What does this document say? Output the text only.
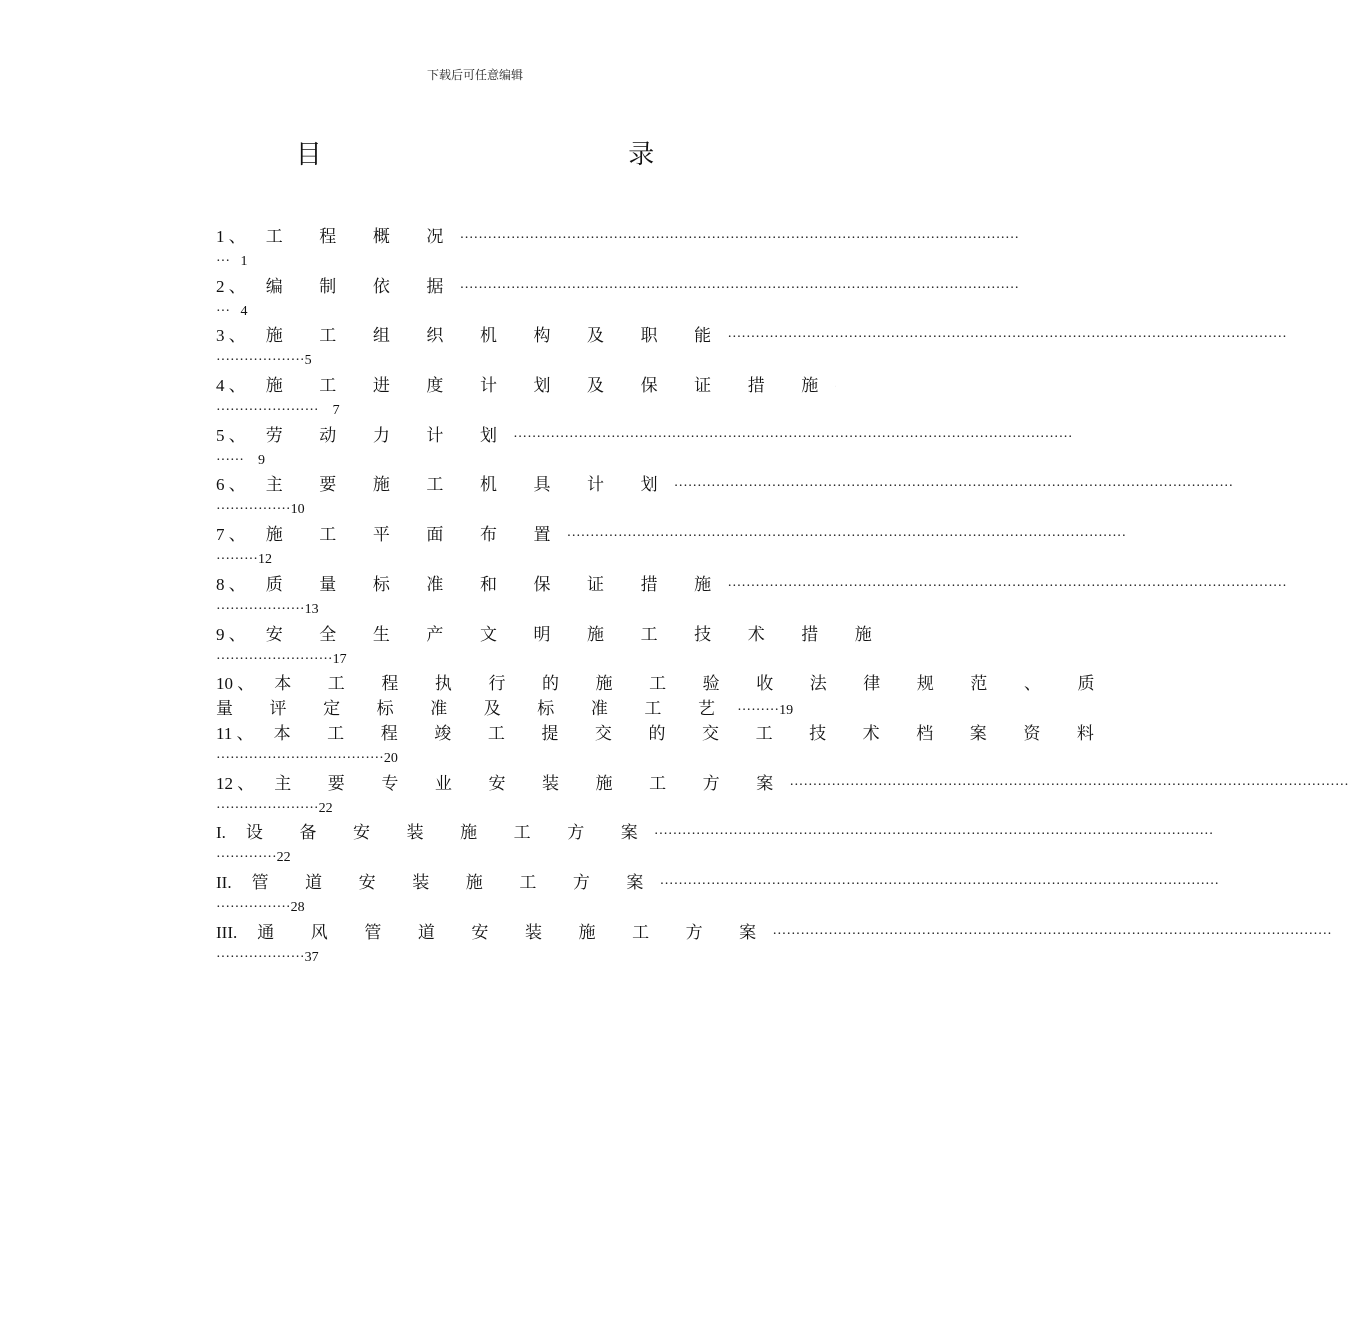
下载后可任意编辑
目 录
1 、 工 程 概 况 ························································································································
··· 1
2 、 编 制 依 据 ························································································································
··· 4
3 、 施 工 组 织 机 构 及 职 能 ························································································································
··················· 5
4 、 施 工 进 度 计 划 及 保 证 措 施
······················ 7
5 、 劳 动 力 计 划 ························································································································
······ 9
6 、 主 要 施 工 机 具 计 划 ························································································································
················ 10
7 、 施 工 平 面 布 置 ························································································································
········· 12
8 、 质 量 标 准 和 保 证 措 施 ························································································································
··················· 13
9 、 安 全 生 产 文 明 施 工 技 术 措 施
························· 17
10 、 本 工 程 执 行 的 施 工 验 收 法 律 规 范 、 质
量 评 定 标 准 及 标 准 工 艺 ········· 19
11 、 本 工 程 竣 工 提 交 的 交 工 技 术 档 案 资 料
···································· 20
12 、 主 要 专 业 安 装 施 工 方 案 ························································································································
······················ 22
I. 设 备 安 装 施 工 方 案 ························································································································
············· 22
II. 管 道 安 装 施 工 方 案 ························································································································
················ 28
III. 通 风 管 道 安 装 施 工 方 案 ························································································································
··················· 37
